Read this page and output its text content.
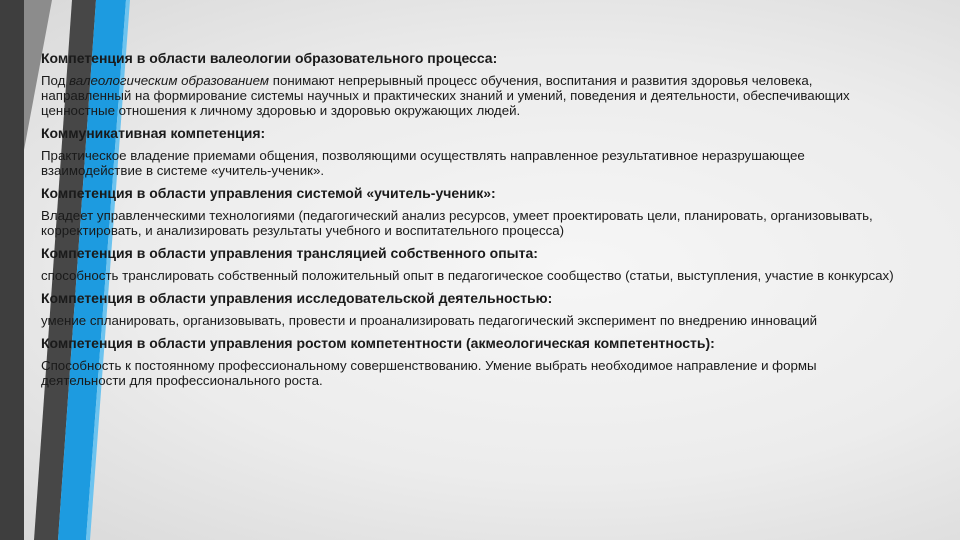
Компетенция в области валеологии образовательного процесса:
Под валеологическим образованием понимают непрерывный процесс обучения, воспитания и развития здоровья человека, направленный на формирование системы научных и практических знаний и умений, поведения и деятельности, обеспечивающих ценностные отношения к личному здоровью и здоровью окружающих людей.
Коммуникативная компетенция:
Практическое владение приемами общения, позволяющими осуществлять направленное результативное неразрушающее взаимодействие в системе «учитель-ученик».
Компетенция в области управления системой «учитель-ученик»:
Владеет управленческими технологиями (педагогический анализ ресурсов, умеет проектировать цели, планировать, организовывать, корректировать, и анализировать результаты учебного и воспитательного процесса)
Компетенция в области управления трансляцией собственного опыта:
способность транслировать собственный положительный опыт в педагогическое сообщество (статьи, выступления, участие в конкурсах)
Компетенция в области управления исследовательской деятельностью:
умение спланировать, организовывать, провести и проанализировать педагогический эксперимент по внедрению инноваций
Компетенция в области управления ростом компетентности (акмеологическая компетентность):
Способность к постоянному профессиональному совершенствованию. Умение выбрать необходимое направление и формы деятельности для профессионального роста.
